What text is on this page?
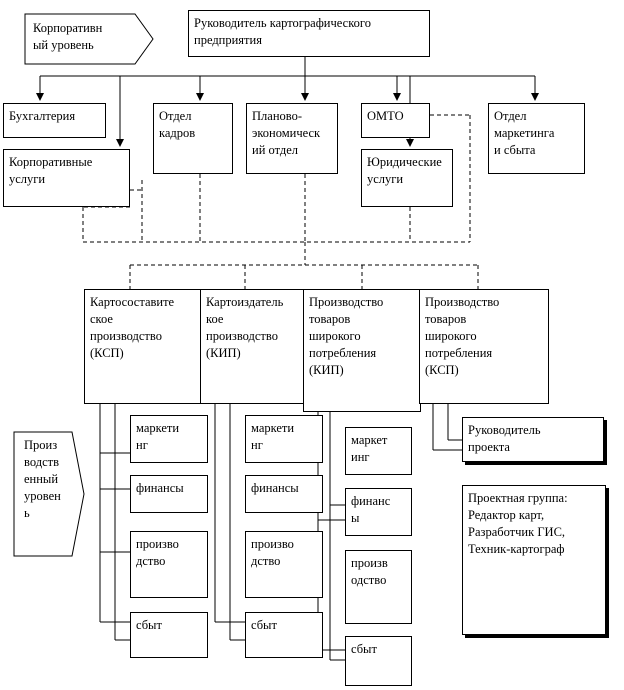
Корпоративн
ый уровень
Произ
водств
енный
уровен
ь
Руководитель картографического
предприятия
Бухгалтерия
Корпоративные
услуги
Отдел
кадров
Планово-
экономическ
ий отдел
ОМТО
Юридические
услуги
Отдел
маркетинга
и сбыта
Картосоставите
ское
производство
(КСП)
Картоиздатель
кое
производство
(КИП)
Производство
товаров
широкого
потребления
(КИП)
Производство
товаров
широкого
потребления
(КСП)
маркети
нг
финансы
произво
дство
сбыт
маркети
нг
финансы
произво
дство
сбыт
маркет
инг
финанс
ы
произв
одство
сбыт
Руководитель
проекта
Проектная группа:
Редактор карт,
Разработчик ГИС,
Техник-картограф
